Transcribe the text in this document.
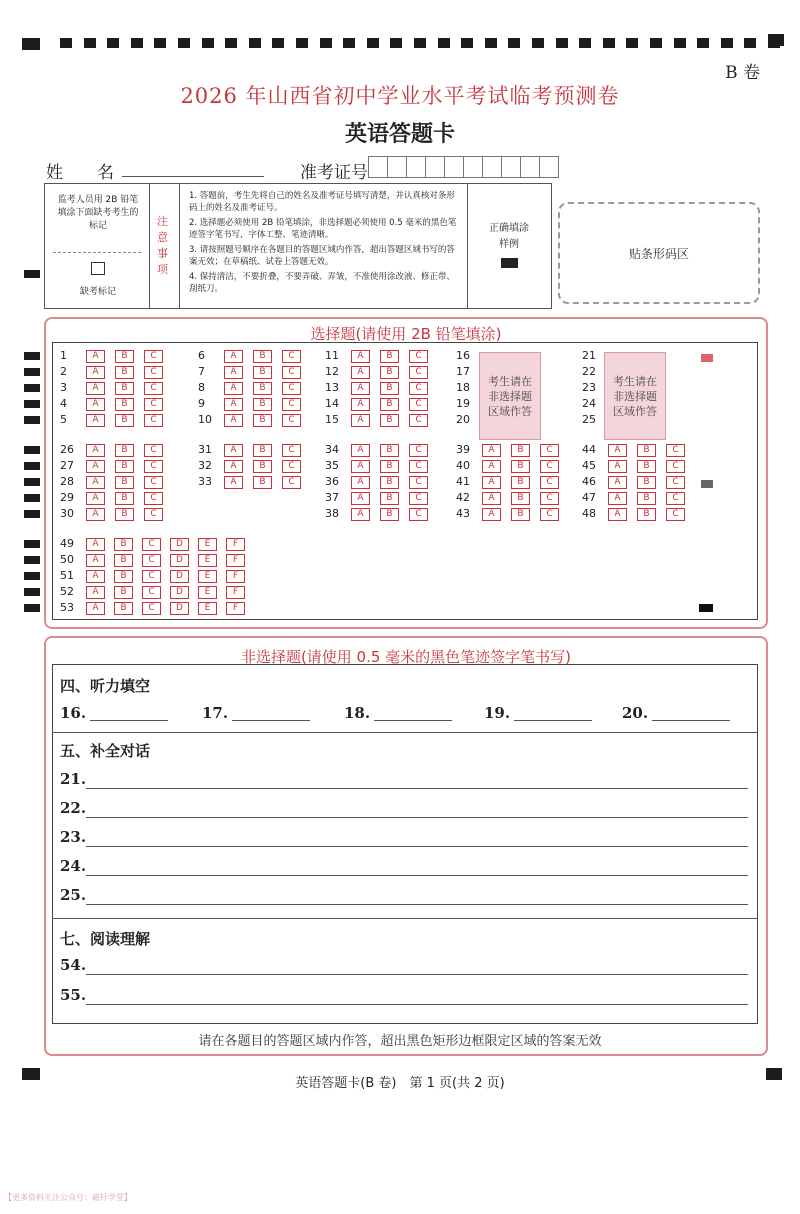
B 卷
2026 年山西省初中学业水平考试临考预测卷
英语答题卡
姓　　名	准考证号
监考人员用 2B 铅笔填涂下面缺考考生的标记
缺考标记
注意事项
1. 答题前，考生先将自己的姓名及准考证号填写清楚，并认真核对条形码上的姓名及准考证号。
2. 选择题必须使用 2B 铅笔填涂，非选择题必须使用 0.5 毫米的黑色笔迹签字笔书写，字体工整、笔迹清晰。
3. 请按照题号顺序在各题目的答题区域内作答，超出答题区域书写的答案无效；在草稿纸、试卷上答题无效。
4. 保持清洁，不要折叠，不要弄破、弄皱，不准使用涂改液、修正带、刮纸刀。
正确填涂
样例
贴条形码区
选择题(请使用 2B 铅笔填涂)
1	A	B	C
2	A	B	C
3	A	B	C
4	A	B	C
5	A	B	C
6	A	B	C
7	A	B	C
8	A	B	C
9	A	B	C
10	A	B	C
11	A	B	C
12	A	B	C
13	A	B	C
14	A	B	C
15	A	B	C
16
17
18
19
20
21
22
23
24
25
26	A	B	C
27	A	B	C
28	A	B	C
29	A	B	C
30	A	B	C
31	A	B	C
32	A	B	C
33	A	B	C
34	A	B	C
35	A	B	C
36	A	B	C
37	A	B	C
38	A	B	C
39	A	B	C
40	A	B	C
41	A	B	C
42	A	B	C
43	A	B	C
44	A	B	C
45	A	B	C
46	A	B	C
47	A	B	C
48	A	B	C
49	A	B	C	D	E	F
50	A	B	C	D	E	F
51	A	B	C	D	E	F
52	A	B	C	D	E	F
53	A	B	C	D	E	F
考生请在非选择题区域作答
考生请在非选择题区域作答
非选择题(请使用 0.5 毫米的黑色笔迹签字笔书写)
四、听力填空
16.	17.	18.	19.	20.
五、补全对话
21.
22.
23.
24.
25.
七、阅读理解
54.
55.
请在各题目的答题区域内作答，超出黑色矩形边框限定区域的答案无效
英语答题卡(B 卷)　第 1 页(共 2 页)
【更多资料关注公众号：磁针学堂】
